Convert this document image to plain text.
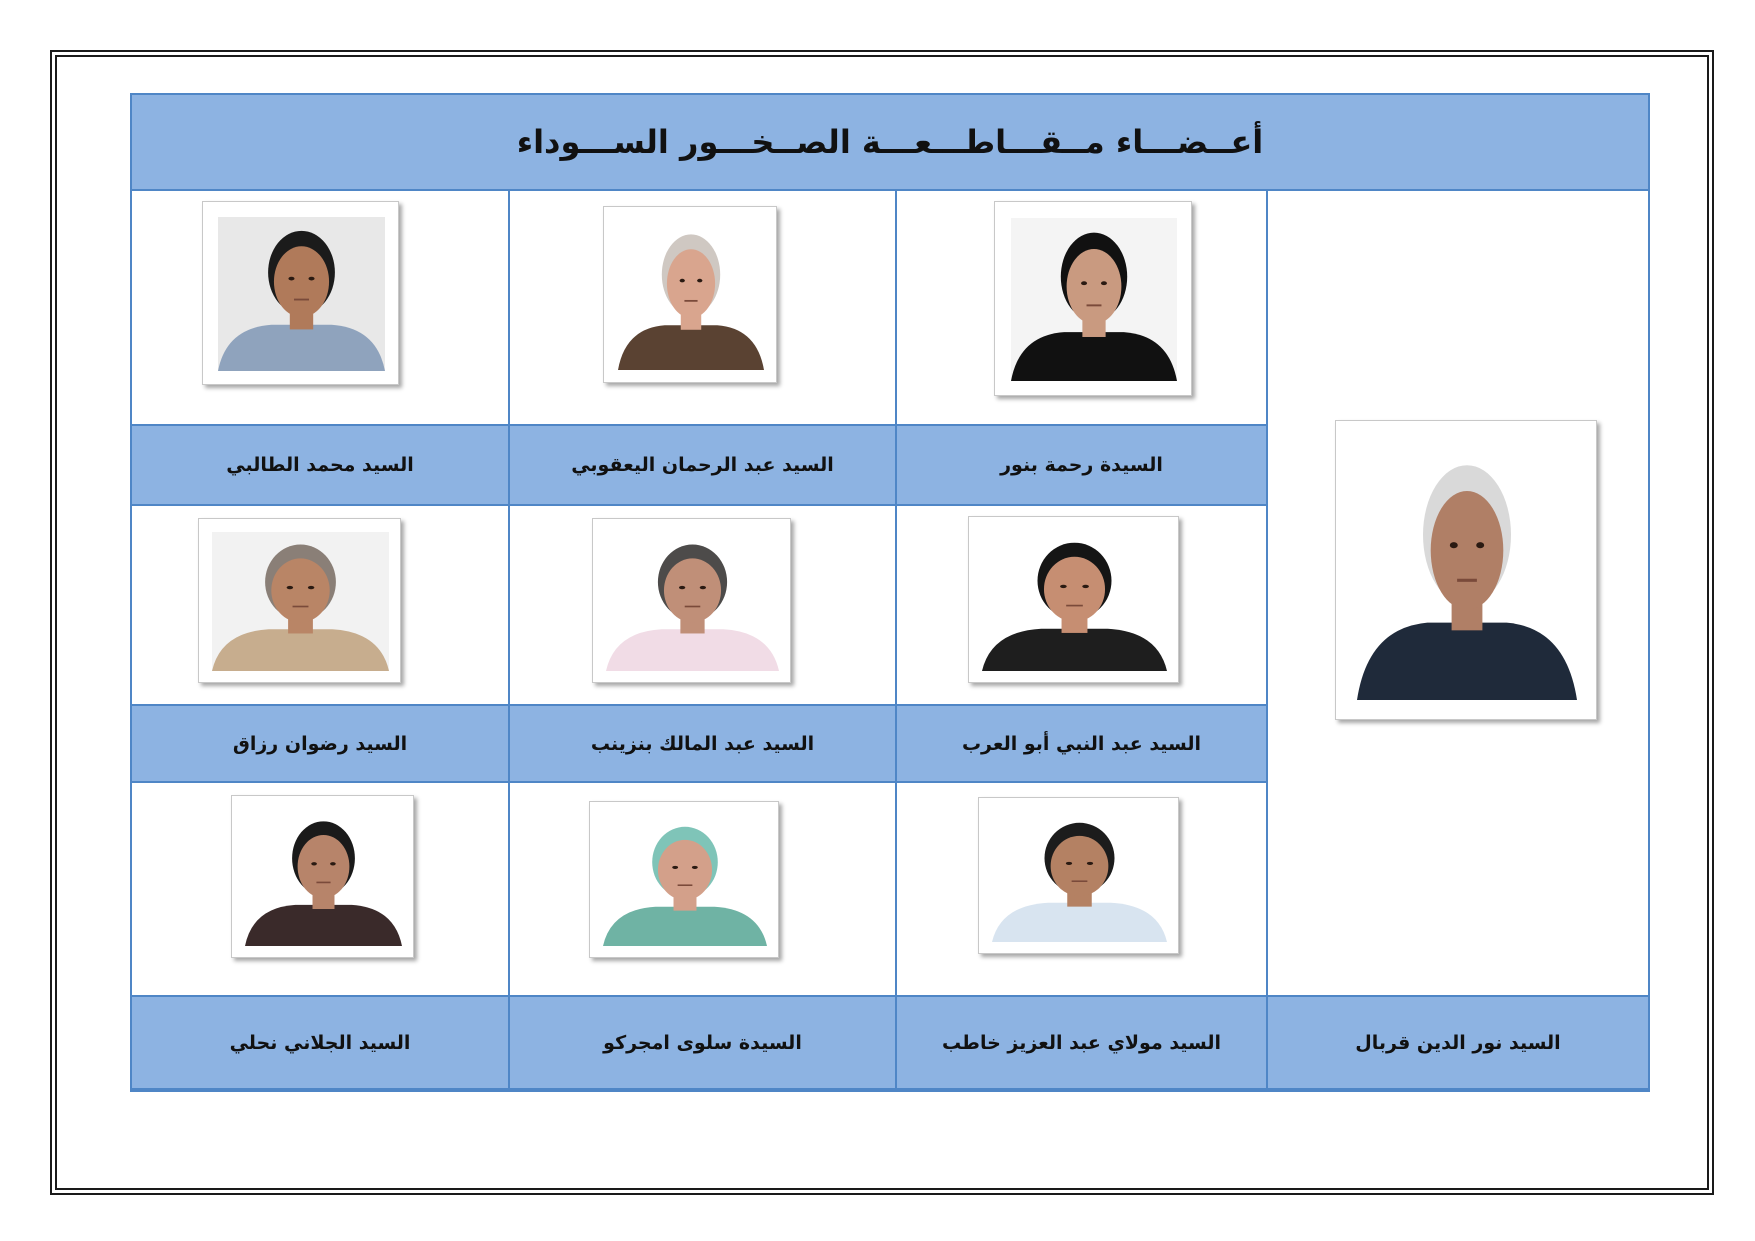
أعــضـــاء مــقـــاطـــعـــة الصــخـــور الســـوداء
السيد محمد الطالبي	السيد عبد الرحمان اليعقوبي	السيدة رحمة بنور
السيد رضوان رزاق	السيد عبد المالك بنزينب	السيد عبد النبي أبو العرب
السيد الجلاني نحلي	السيدة سلوى امجركو	السيد مولاي عبد العزيز خاطب	السيد نور الدين قربال
